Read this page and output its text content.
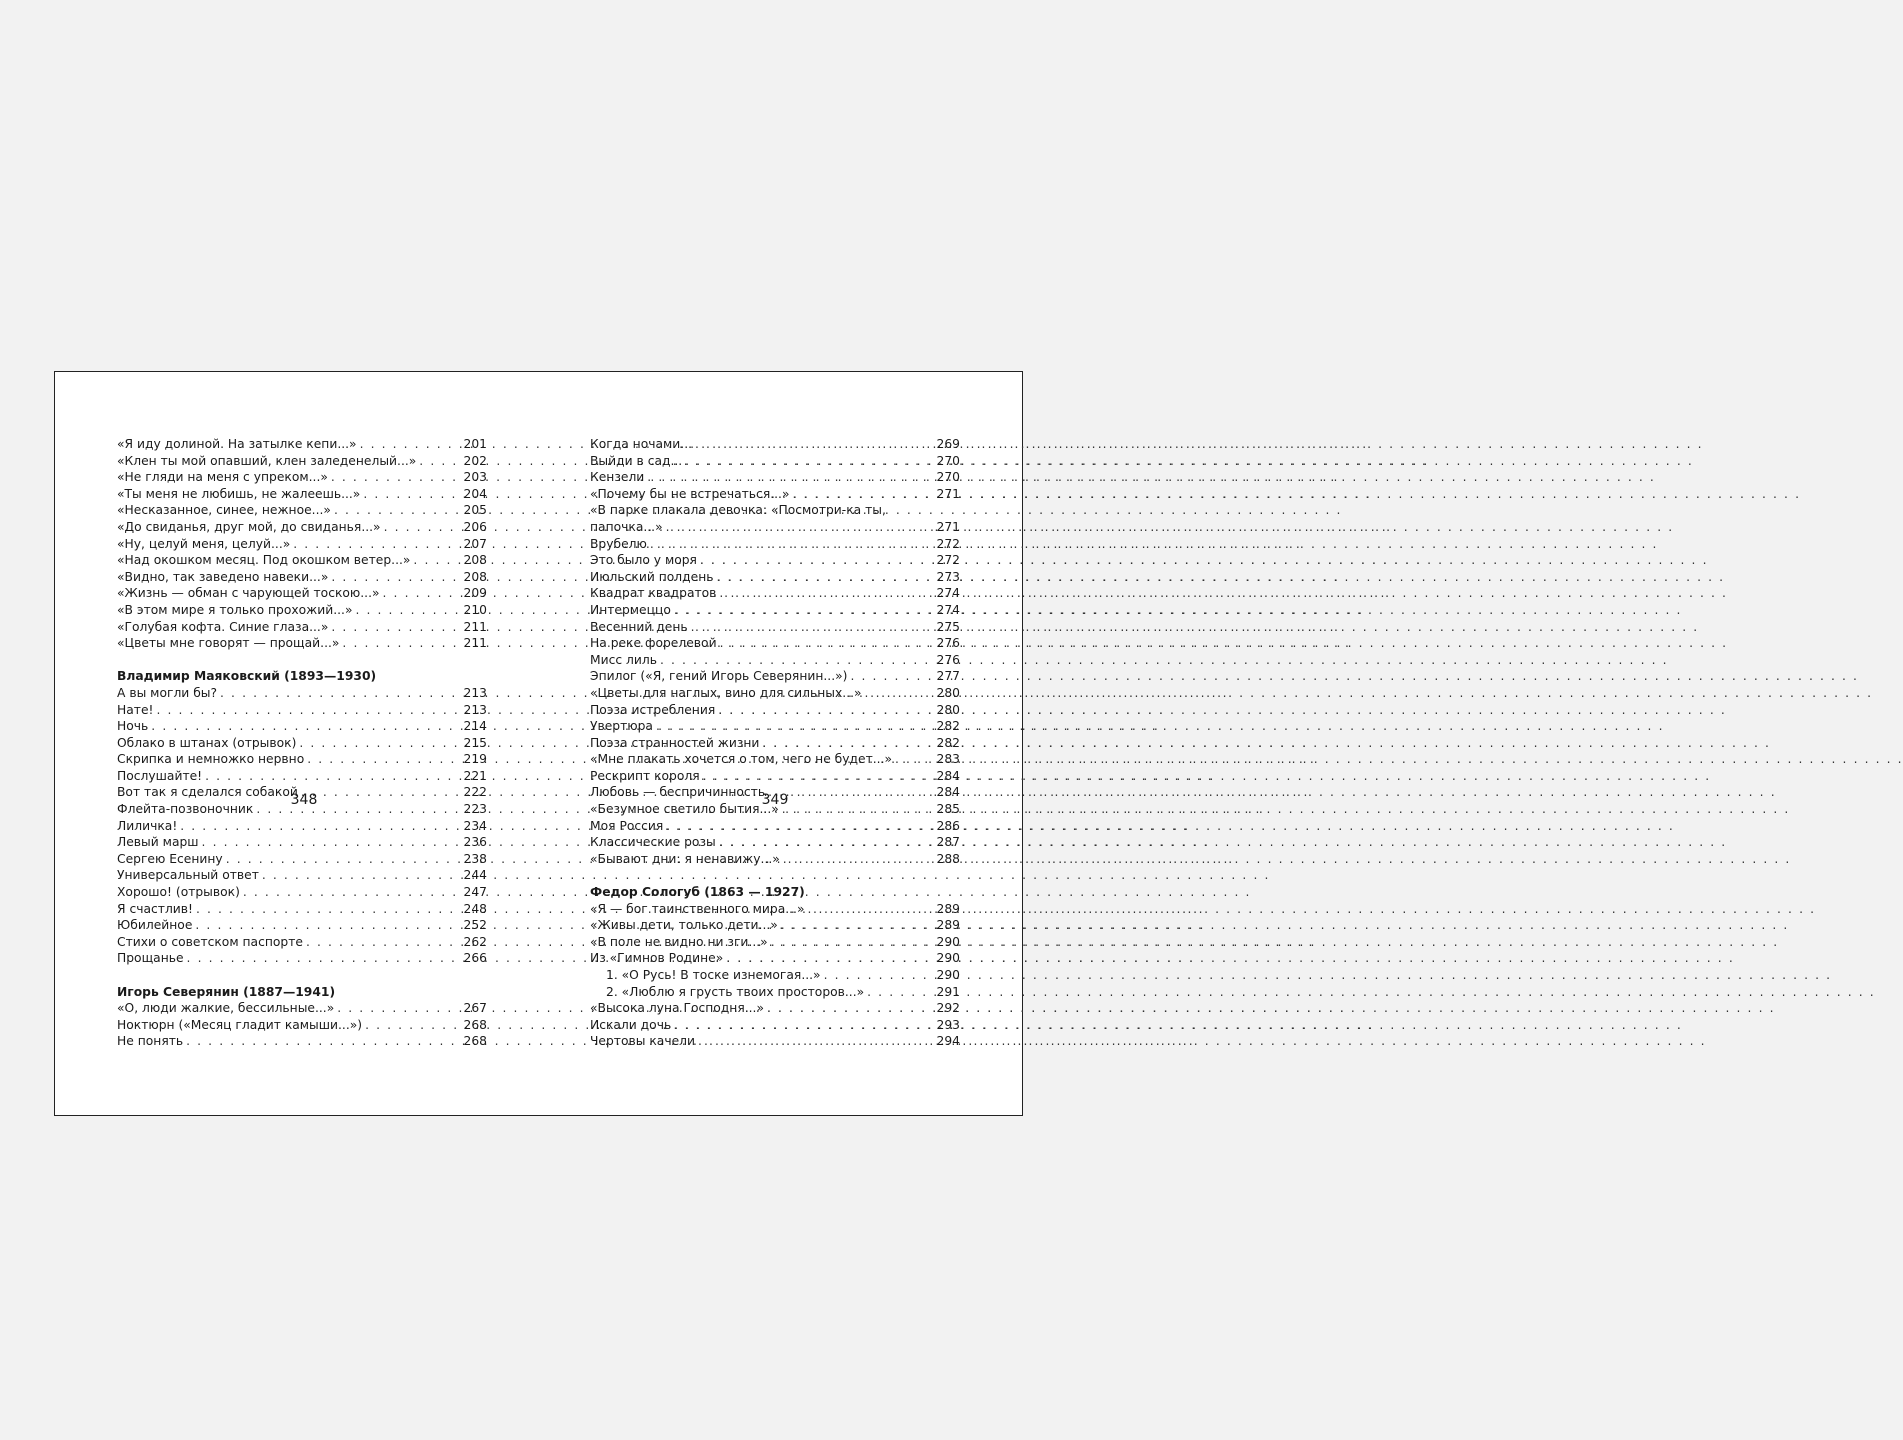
«Я иду долиной. На затылке кепи...» . . .	201
«Клен ты мой опавший, клен заледенелый...» . . .	202
«Не гляди на меня с упреком...» . . .	203
«Ты меня не любишь, не жалеешь...» . . .	204
«Несказанное, синее, нежное...» . . .	205
«До свиданья, друг мой, до свиданья...» . . .	206
«Ну, целуй меня, целуй...» . . .	207
«Над окошком месяц. Под окошком ветер...» . . .	208
«Видно, так заведено навеки...» . . .	208
«Жизнь — обман с чарующей тоскою...» . . .	209
«В этом мире я только прохожий...» . . .	210
«Голубая кофта. Синие глаза...» . . .	211
«Цветы мне говорят — прощай...» . . .	211
Владимир Маяковский (1893—1930)
А вы могли бы? . . .	213
Нате! . . .	213
Ночь . . .	214
Облако в штанах (отрывок) . . .	215
Скрипка и немножко нервно . . .	219
Послушайте! . . .	221
Вот так я сделался собакой . . .	222
Флейта-позвоночник . . .	223
Лиличка! . . .	234
Левый марш . . .	236
Сергею Есенину . . .	238
Универсальный ответ . . .	244
Хорошо! (отрывок) . . .	247
Я счастлив! . . .	248
Юбилейное . . .	252
Стихи о советском паспорте . . .	262
Прощанье . . .	266
Игорь Северянин (1887—1941)
«О, люди жалкие, бессильные...» . . .	267
Ноктюрн («Месяц гладит камыши...») . . .	268
Не понять . . .	268
Когда ночами... . . .	269
Выйди в сад... . . .	270
Кензели . . .	270
«Почему бы не встречаться...» . . .	271
«В парке плакала девочка: «Посмотри-ка ты,
папочка...» . . .	271
Врубелю . . .	272
Это было у моря . . .	272
Июльский полдень . . .	273
Квадрат квадратов . . .	274
Интермеццо . . .	274
Весенний день . . .	275
На реке форелевой . . .	276
Мисс лиль . . .	276
Эпилог («Я, гений Игорь Северянин...») . . .	277
«Цветы для наглых, вино для сильных...» . . .	280
Поэза истребления . . .	280
Увертюра . . .	282
Поэза странностей жизни . . .	282
«Мне плакать хочется о том, чего не будет...» . . .	283
Рескрипт короля . . .	284
Любовь — беспричинность . . .	284
«Безумное светило бытия...» . . .	285
Моя Россия . . .	286
Классические розы . . .	287
«Бывают дни: я ненавижу...» . . .	288
Федор Сологуб (1863 — 1927)
«Я — бог таинственного мира...» . . .	289
«Живы дети, только дети...» . . .	289
«В поле не видно ни зги...» . . .	290
Из «Гимнов Родине» . . .	290
1. «О Русь! В тоске изнемогая...» . . .	290
2. «Люблю я грусть твоих просторов...» . . .	291
«Высока луна Господня...» . . .	292
Искали дочь . . .	293
Чертовы качели . . .	294
348	349
